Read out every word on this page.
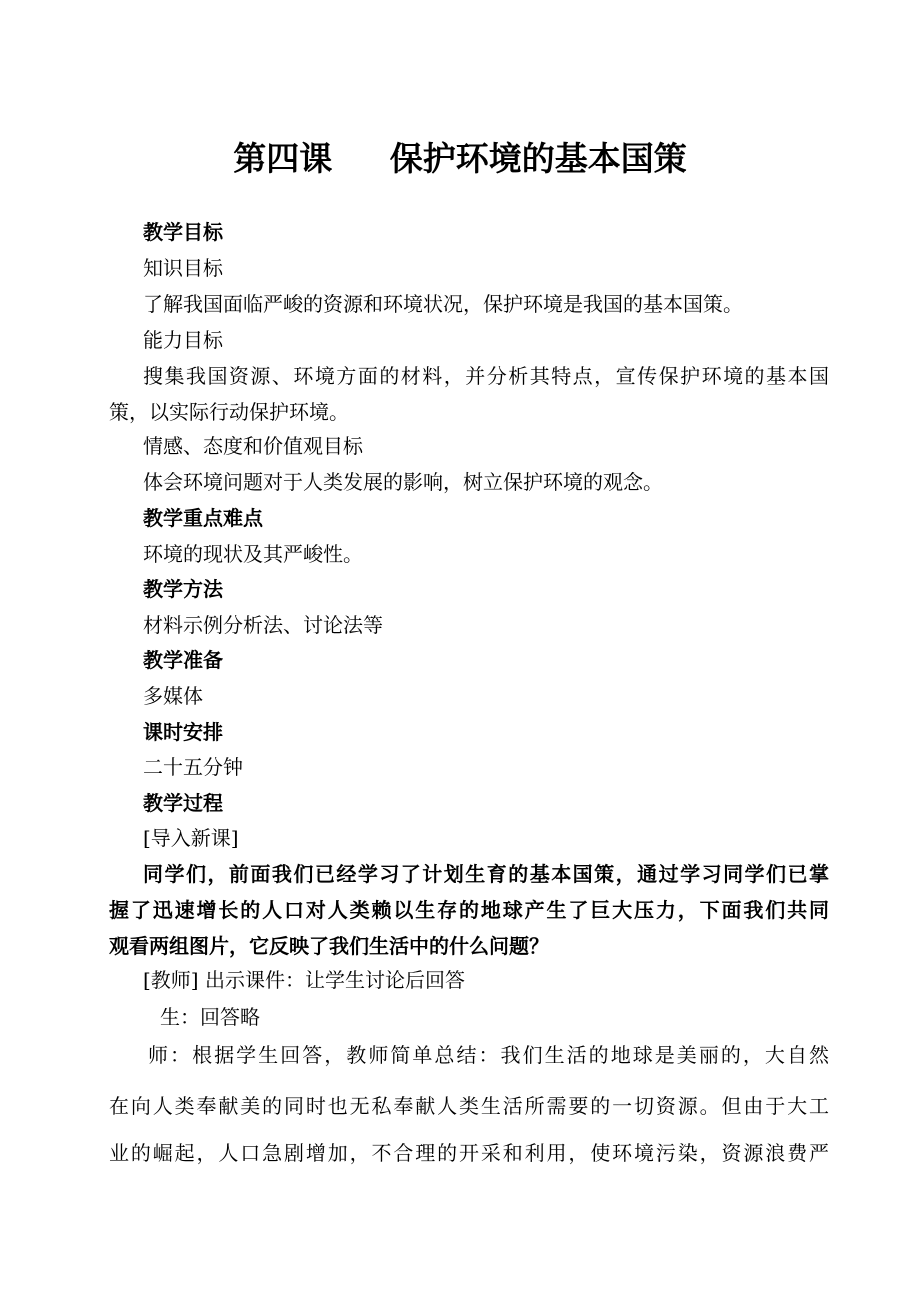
第四课     保护环境的基本国策
教学目标
知识目标
了解我国面临严峻的资源和环境状况，保护环境是我国的基本国策。
能力目标
搜集我国资源、环境方面的材料，并分析其特点，宣传保护环境的基本国
策，以实际行动保护环境。
情感、态度和价值观目标
体会环境问题对于人类发展的影响，树立保护环境的观念。
教学重点难点
环境的现状及其严峻性。
教学方法
材料示例分析法、讨论法等
教学准备
多媒体
课时安排
二十五分钟
教学过程
[导入新课]
同学们，前面我们已经学习了计划生育的基本国策，通过学习同学们已掌
握了迅速增长的人口对人类赖以生存的地球产生了巨大压力，下面我们共同
观看两组图片，它反映了我们生活中的什么问题？
[教师] 出示课件：让学生讨论后回答
生：回答略
师：根据学生回答，教师简单总结：我们生活的地球是美丽的，大自然
在向人类奉献美的同时也无私奉献人类生活所需要的一切资源。但由于大工
业的崛起，人口急剧增加，不合理的开采和利用，使环境污染，资源浪费严
